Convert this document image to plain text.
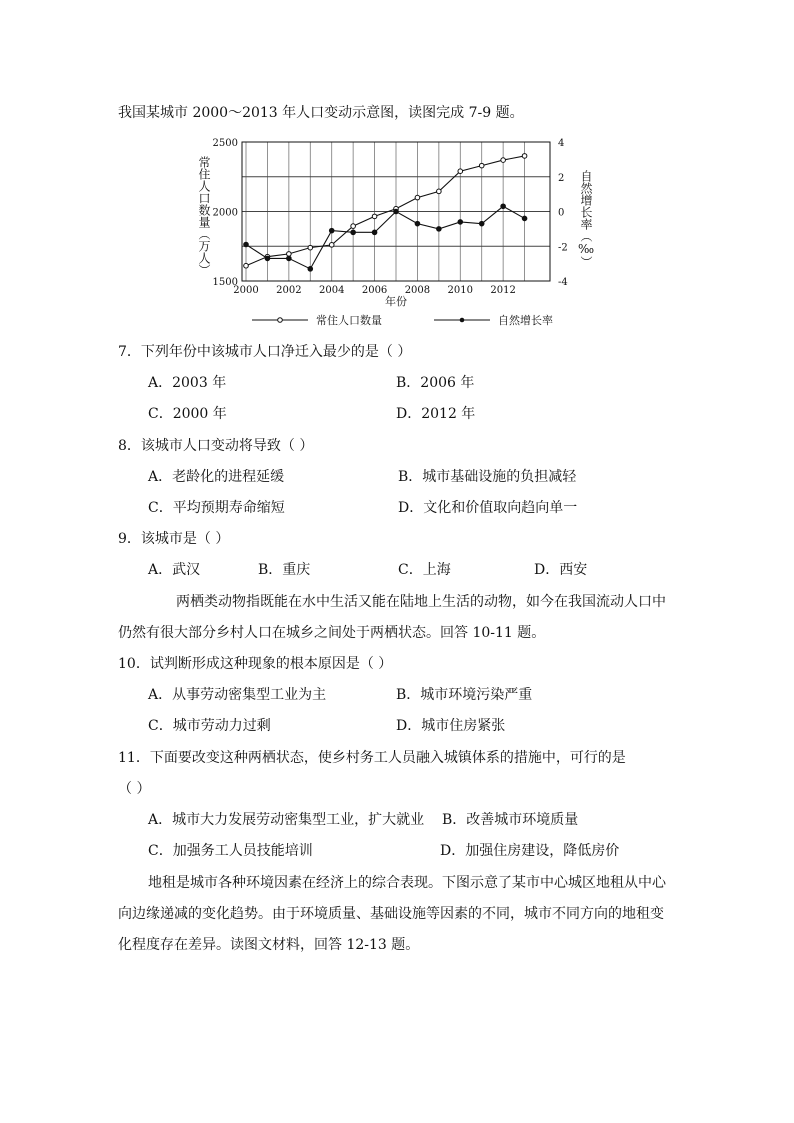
我国某城市 2000～2013 年人口变动示意图，读图完成 7-9 题。
2500
2000
1500
4
2
0
-2
-4
2000 2002 2004 2006 2008 2010 2012
年份
常住人口数量（万人）	自然增长率（‰）
常住人口数量	自然增长率
7．下列年份中该城市人口净迁入最少的是（ ）
A．2003 年	B．2006 年
C．2000 年	D．2012 年
8．该城市人口变动将导致（ ）
A．老龄化的进程延缓	B．城市基础设施的负担减轻
C．平均预期寿命缩短	D．文化和价值取向趋向单一
9．该城市是（ ）
A．武汉	B．重庆	C．上海	D．西安
两栖类动物指既能在水中生活又能在陆地上生活的动物，如今在我国流动人口中
仍然有很大部分乡村人口在城乡之间处于两栖状态。回答 10-11 题。
10．试判断形成这种现象的根本原因是（ ）
A．从事劳动密集型工业为主	B．城市环境污染严重
C．城市劳动力过剩	D．城市住房紧张
11．下面要改变这种两栖状态，使乡村务工人员融入城镇体系的措施中，可行的是
（ ）
A．城市大力发展劳动密集型工业，扩大就业 B．改善城市环境质量
C．加强务工人员技能培训	D．加强住房建设，降低房价
地租是城市各种环境因素在经济上的综合表现。下图示意了某市中心城区地租从中心
向边缘递减的变化趋势。由于环境质量、基础设施等因素的不同，城市不同方向的地租变
化程度存在差异。读图文材料，回答 12-13 题。
